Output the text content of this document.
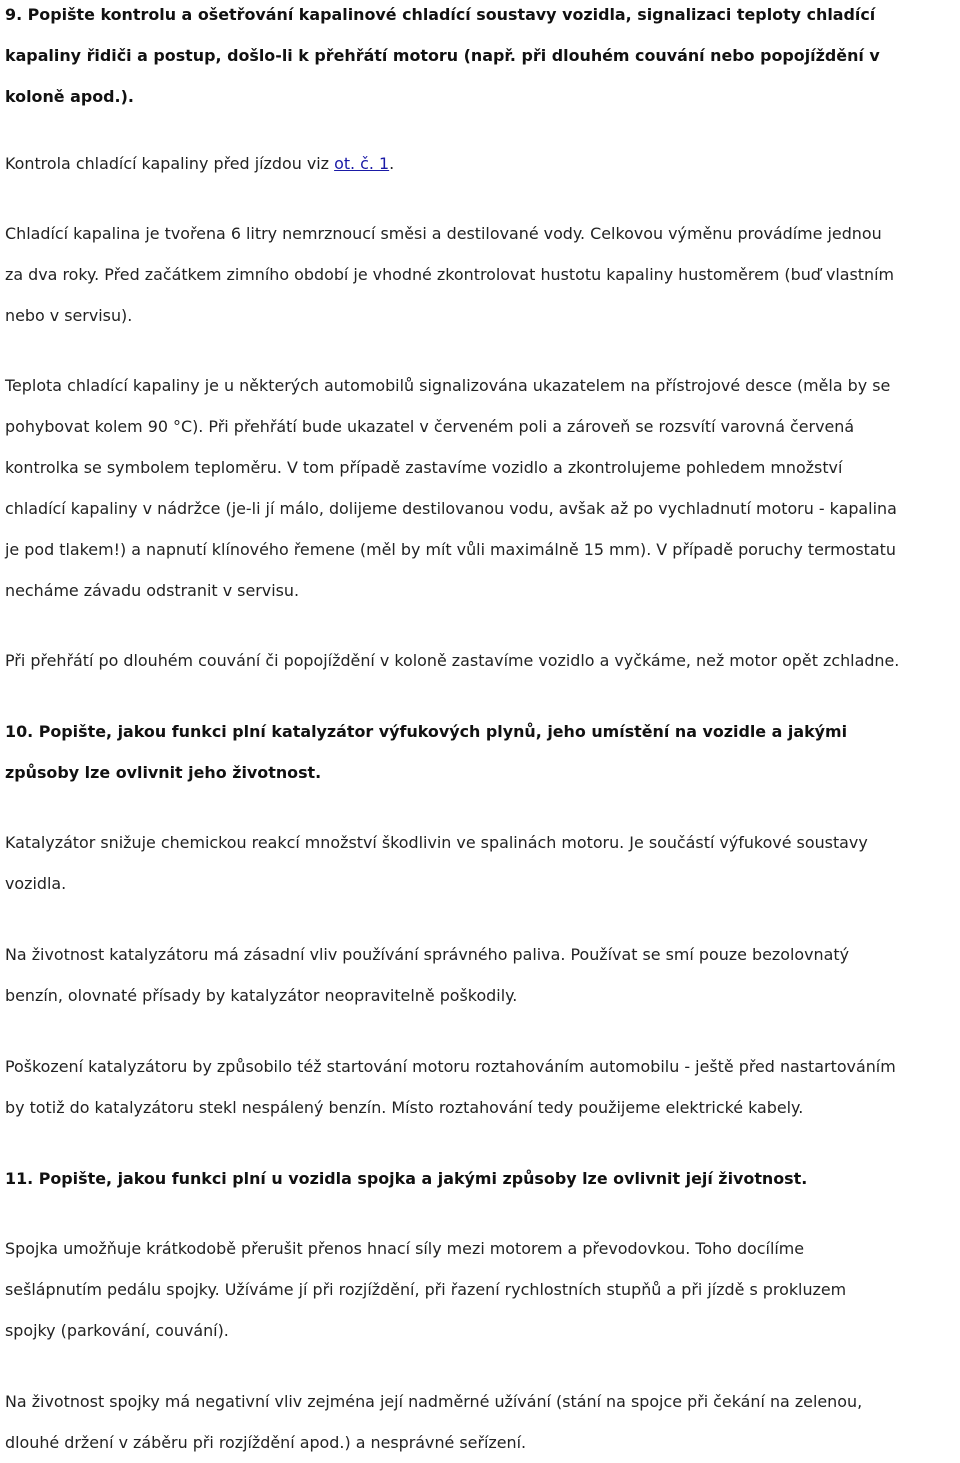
9. Popište kontrolu a ošetřování kapalinové chladící soustavy vozidla, signalizaci teploty chladící
kapaliny řidiči a postup, došlo-li k přehřátí motoru (např. při dlouhém couvání nebo popojíždění v
koloně apod.).
Kontrola chladící kapaliny před jízdou viz ot. č. 1.
Chladící kapalina je tvořena 6 litry nemrznoucí směsi a destilované vody. Celkovou výměnu provádíme jednou
za dva roky. Před začátkem zimního období je vhodné zkontrolovat hustotu kapaliny hustoměrem (buď vlastním
nebo v servisu).
Teplota chladící kapaliny je u některých automobilů signalizována ukazatelem na přístrojové desce (měla by se
pohybovat kolem 90 °C). Při přehřátí bude ukazatel v červeném poli a zároveň se rozsvítí varovná červená
kontrolka se symbolem teploměru. V tom případě zastavíme vozidlo a zkontrolujeme pohledem množství
chladící kapaliny v nádržce (je-li jí málo, dolijeme destilovanou vodu, avšak až po vychladnutí motoru - kapalina
je pod tlakem!) a napnutí klínového řemene (měl by mít vůli maximálně 15 mm). V případě poruchy termostatu
necháme závadu odstranit v servisu.
Při přehřátí po dlouhém couvání či popojíždění v koloně zastavíme vozidlo a vyčkáme, než motor opět zchladne.
10. Popište, jakou funkci plní katalyzátor výfukových plynů, jeho umístění na vozidle a jakými
způsoby lze ovlivnit jeho životnost.
Katalyzátor snižuje chemickou reakcí množství škodlivin ve spalinách motoru. Je součástí výfukové soustavy
vozidla.
Na životnost katalyzátoru má zásadní vliv používání správného paliva. Používat se smí pouze bezolovnatý
benzín, olovnaté přísady by katalyzátor neopravitelně poškodily.
Poškození katalyzátoru by způsobilo též startování motoru roztahováním automobilu - ještě před nastartováním
by totiž do katalyzátoru stekl nespálený benzín. Místo roztahování tedy použijeme elektrické kabely.
11. Popište, jakou funkci plní u vozidla spojka a jakými způsoby lze ovlivnit její životnost.
Spojka umožňuje krátkodobě přerušit přenos hnací síly mezi motorem a převodovkou. Toho docílíme
sešlápnutím pedálu spojky. Užíváme jí při rozjíždění, při řazení rychlostních stupňů a při jízdě s prokluzem
spojky (parkování, couvání).
Na životnost spojky má negativní vliv zejména její nadměrné užívání (stání na spojce při čekání na zelenou,
dlouhé držení v záběru při rozjíždění apod.) a nesprávné seřízení.
